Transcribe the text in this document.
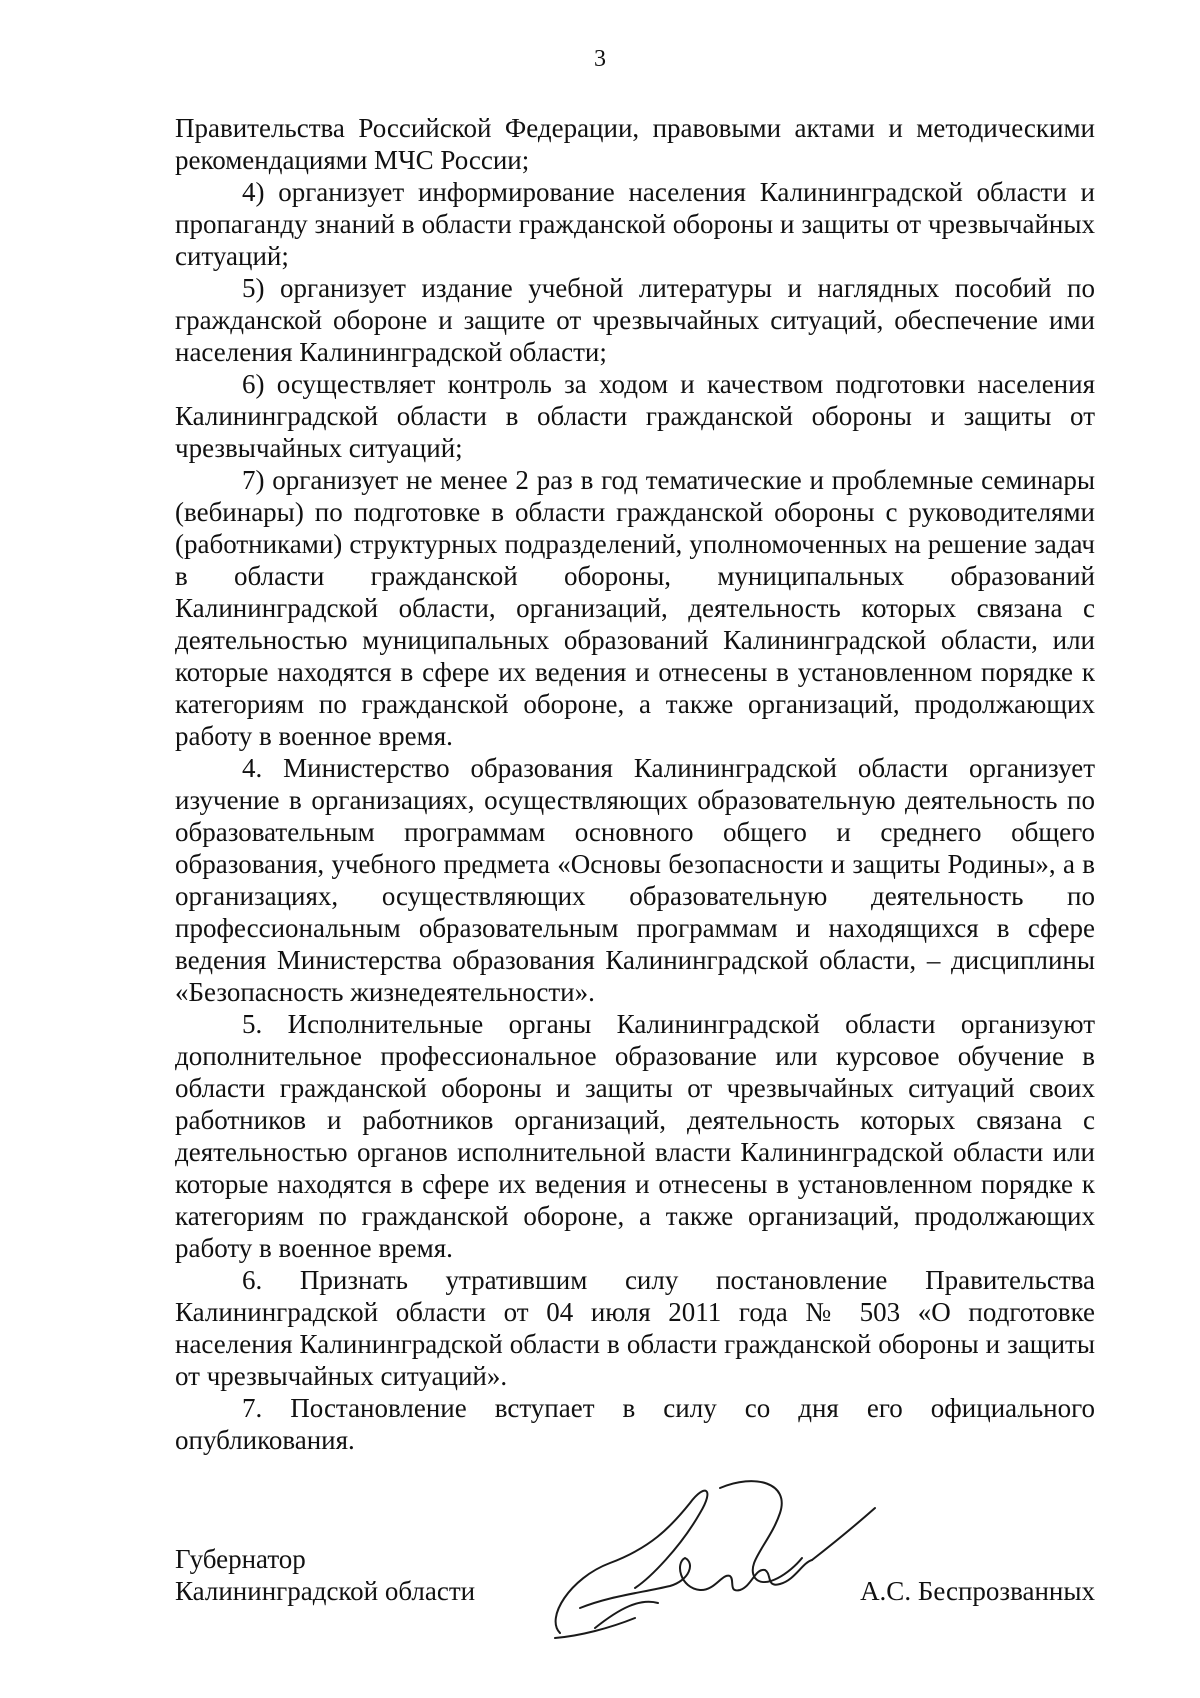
3

Правительства Российской Федерации, правовыми актами и методическими рекомендациями МЧС России;

4) организует информирование населения Калининградской области и пропаганду знаний в области гражданской обороны и защиты от чрезвычайных ситуаций;

5) организует издание учебной литературы и наглядных пособий по гражданской обороне и защите от чрезвычайных ситуаций, обеспечение ими населения Калининградской области;

6) осуществляет контроль за ходом и качеством подготовки населения Калининградской области в области гражданской обороны и защиты от чрезвычайных ситуаций;

7) организует не менее 2 раз в год тематические и проблемные семинары (вебинары) по подготовке в области гражданской обороны с руководителями (работниками) структурных подразделений, уполномоченных на решение задач в области гражданской обороны, муниципальных образований Калининградской области, организаций, деятельность которых связана с деятельностью муниципальных образований Калининградской области, или которые находятся в сфере их ведения и отнесены в установленном порядке к категориям по гражданской обороне, а также организаций, продолжающих работу в военное время.

4. Министерство образования Калининградской области организует изучение в организациях, осуществляющих образовательную деятельность по образовательным программам основного общего и среднего общего образования, учебного предмета «Основы безопасности и защиты Родины», а в организациях, осуществляющих образовательную деятельность по профессиональным образовательным программам и находящихся в сфере ведения Министерства образования Калининградской области, – дисциплины «Безопасность жизнедеятельности».

5. Исполнительные органы Калининградской области организуют дополнительное профессиональное образование или курсовое обучение в области гражданской обороны и защиты от чрезвычайных ситуаций своих работников и работников организаций, деятельность которых связана с деятельностью органов исполнительной власти Калининградской области или которые находятся в сфере их ведения и отнесены в установленном порядке к категориям по гражданской обороне, а также организаций, продолжающих работу в военное время.

6. Признать утратившим силу постановление Правительства Калининградской области от 04 июля 2011 года № 503 «О подготовке населения Калининградской области в области гражданской обороны и защиты от чрезвычайных ситуаций».

7. Постановление вступает в силу со дня его официального опубликования.

Губернатор
Калининградской области	А.С. Беспрозванных
